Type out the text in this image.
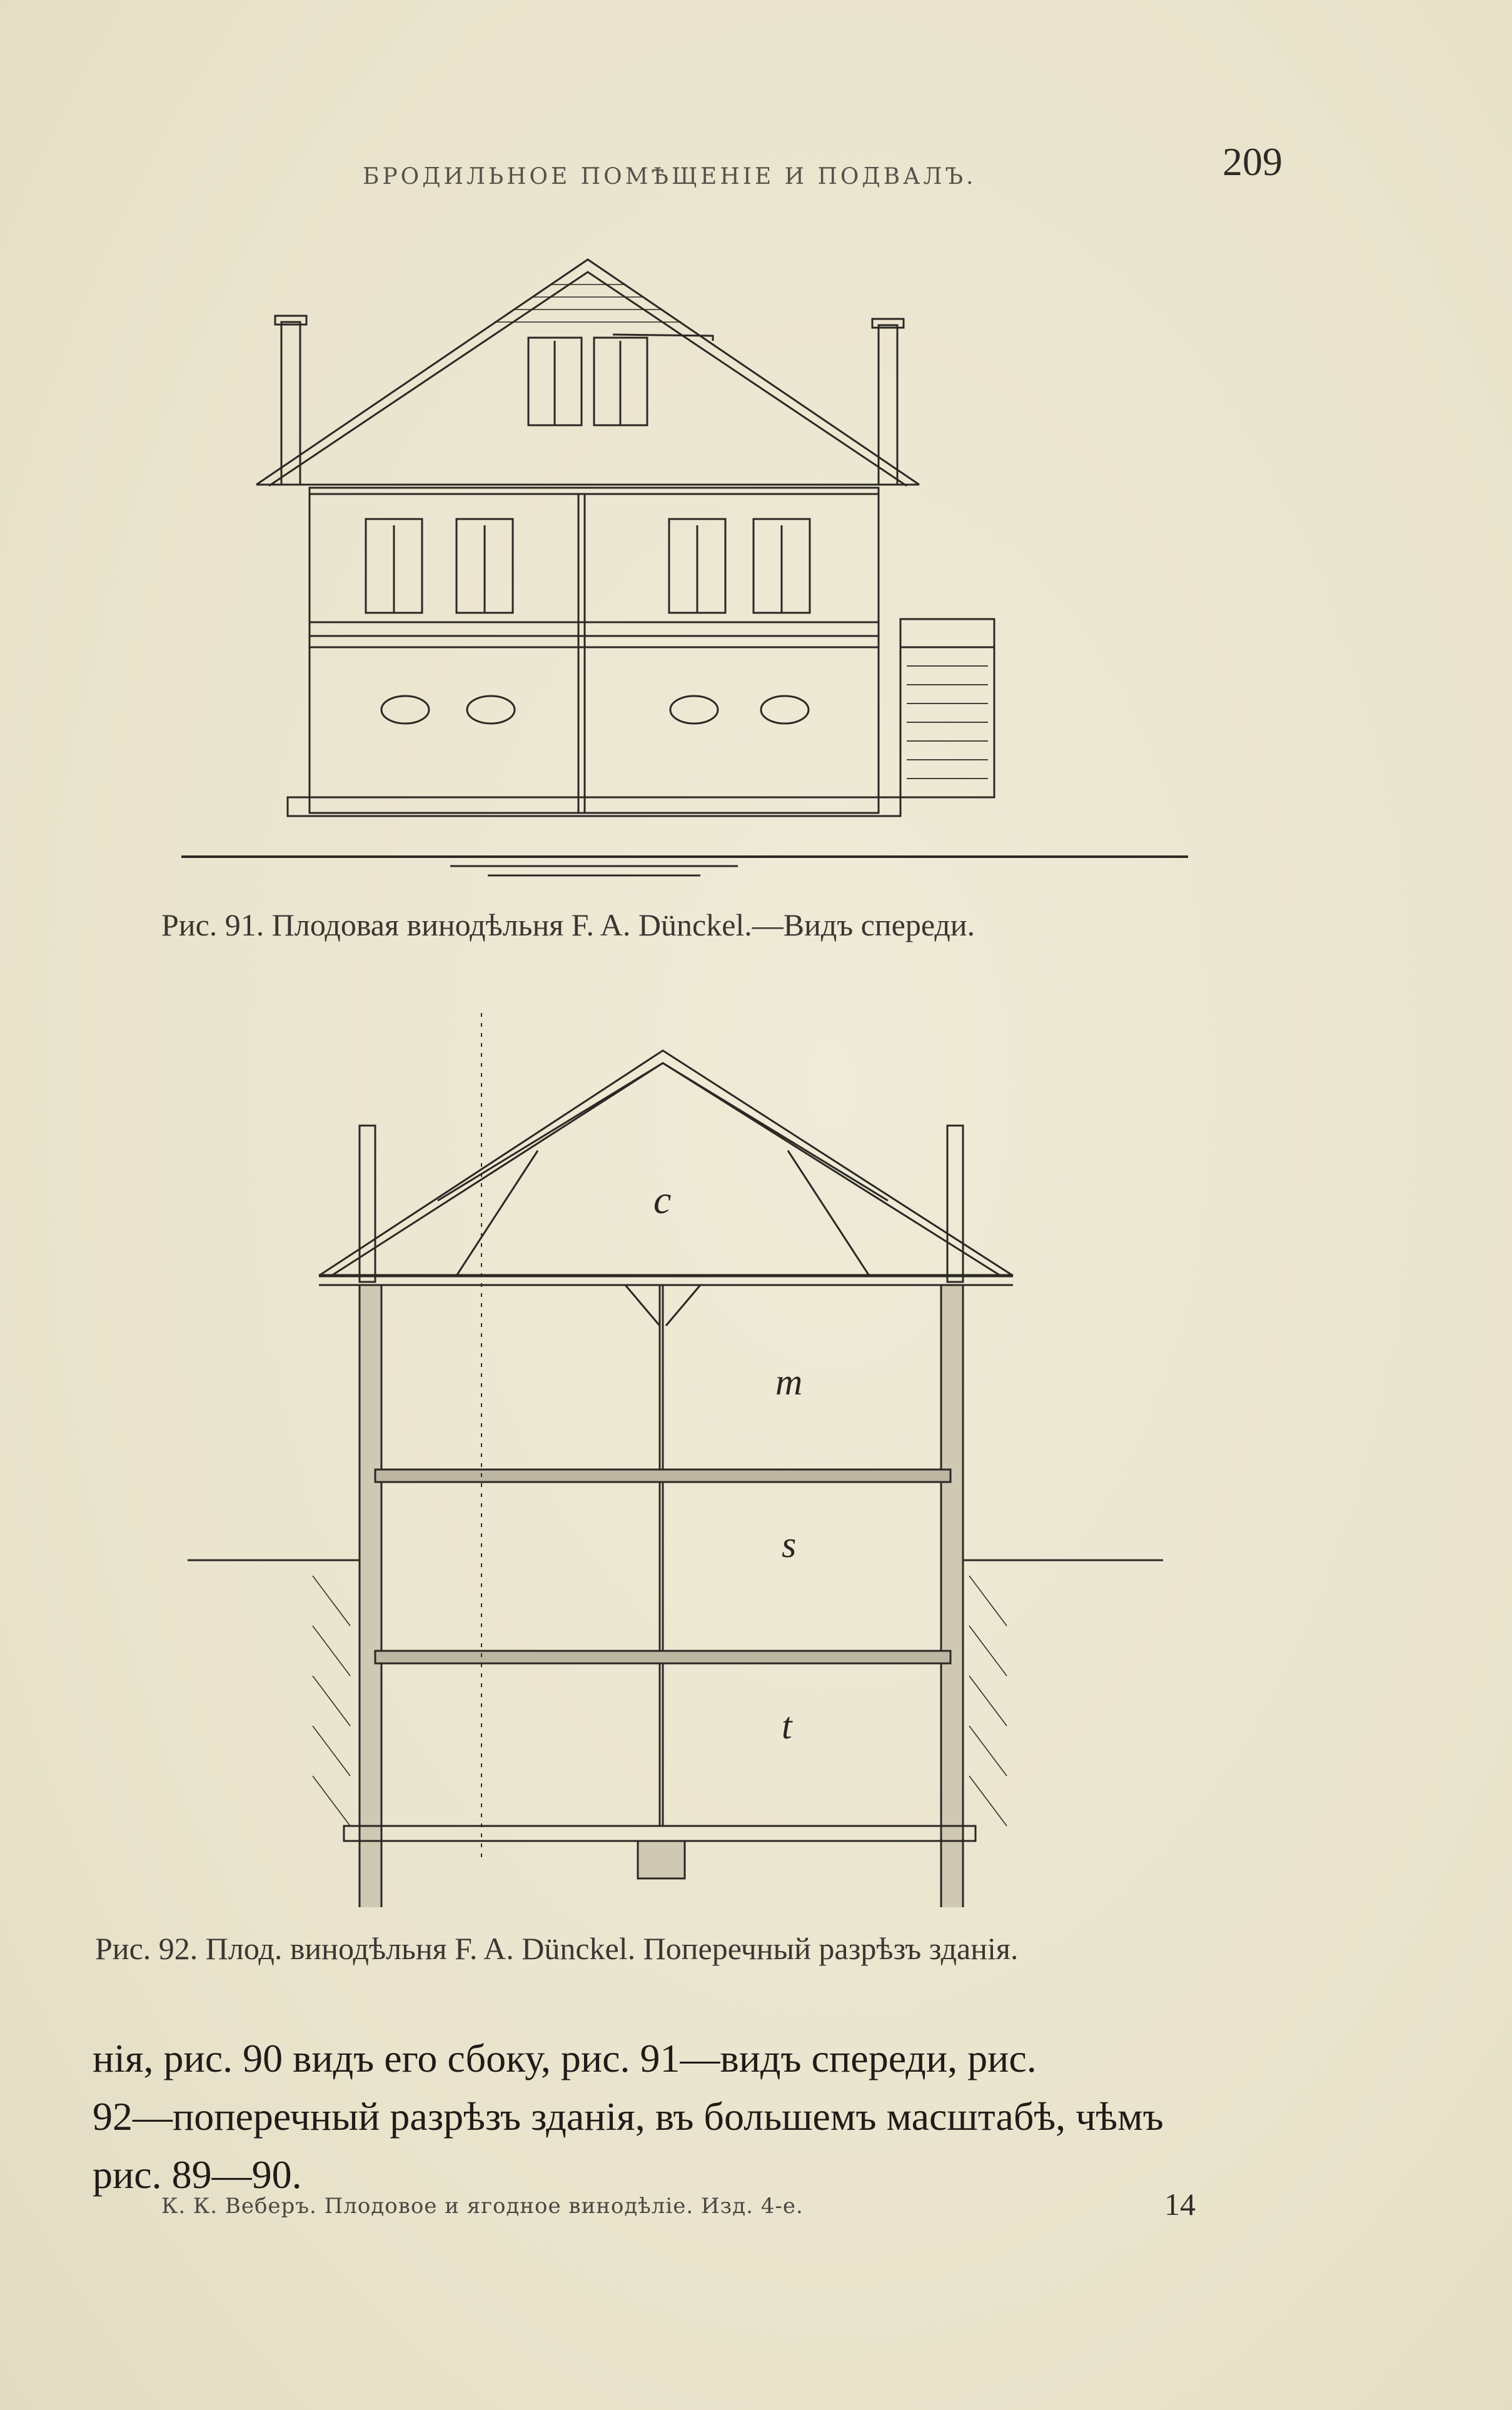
БРОДИЛЬНОЕ ПОМѢЩЕНІЕ И ПОДВАЛЪ.	209
Рис. 91. Плодовая винодѣльня F. A. Dünckel.—Видъ спереди.
c
m
s
t
Рис. 92. Плод. винодѣльня F. A. Dünckel. Поперечный разрѣзъ зданія.
нія, рис. 90 видъ его сбоку, рис. 91—видъ спереди, рис.
92—поперечный разрѣзъ зданія, въ большемъ масштабѣ, чѣмъ
рис. 89—90.
К. К. Веберъ. Плодовое и ягодное винодѣліе. Изд. 4-е.	14
